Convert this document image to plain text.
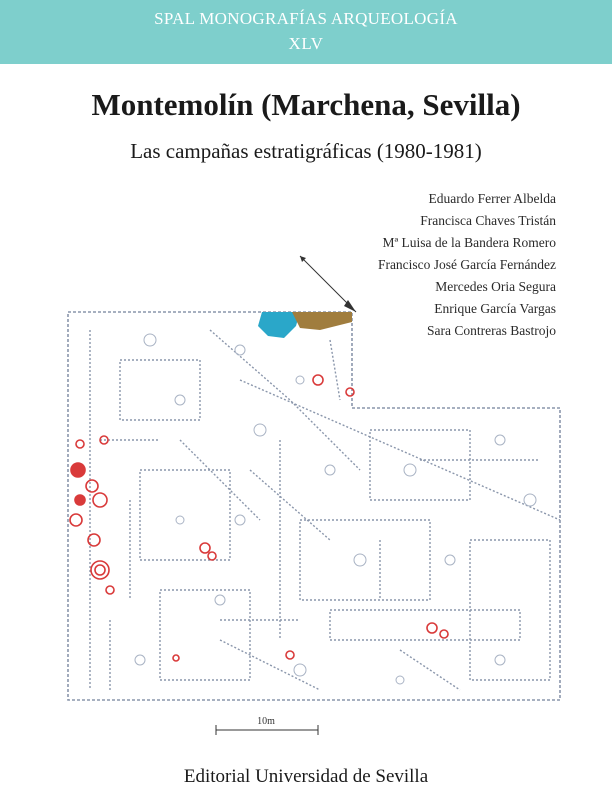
SPAL MONOGRAFÍAS ARQUEOLOGÍA
XLV
Montemolín (Marchena, Sevilla)
Las campañas estratigráficas (1980-1981)
10m
Eduardo Ferrer Albelda
Francisca Chaves Tristán
Mª Luisa de la Bandera Romero
Francisco José García Fernández
Mercedes Oria Segura
Enrique García Vargas
Sara Contreras Bastrojo
Editorial Universidad de Sevilla
